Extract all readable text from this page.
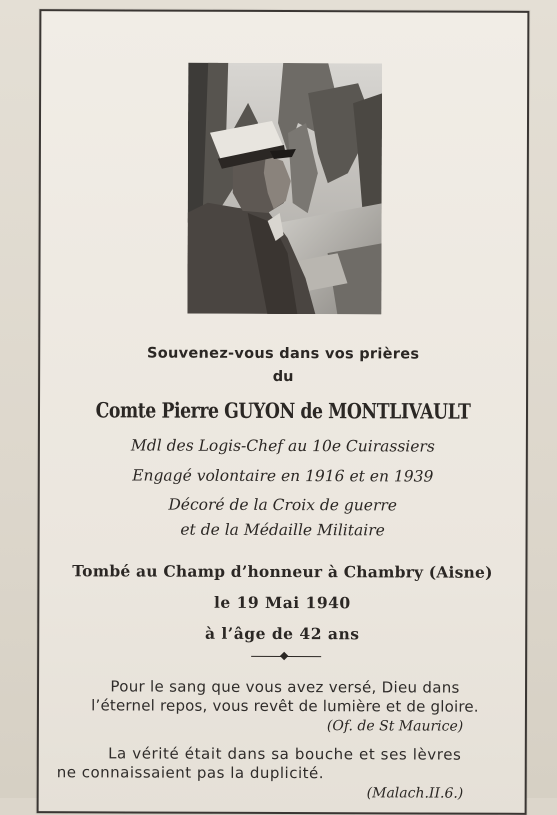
Souvenez-vous dans vos prières
du
Comte Pierre GUYON de MONTLIVAULT
Mdl des Logis-Chef au 10e Cuirassiers
Engagé volontaire en 1916 et en 1939
Décoré de la Croix de guerre
et de la Médaille Militaire
Tombé au Champ d’honneur à Chambry (Aisne)
le 19 Mai 1940
à l’âge de 42 ans
Pour le sang que vous avez versé, Dieu dans
l’éternel repos, vous revêt de lumière et de gloire.
(Of. de St Maurice)
La vérité était dans sa bouche et ses lèvres
ne connaissaient pas la duplicité.
(Malach.II.6.)
